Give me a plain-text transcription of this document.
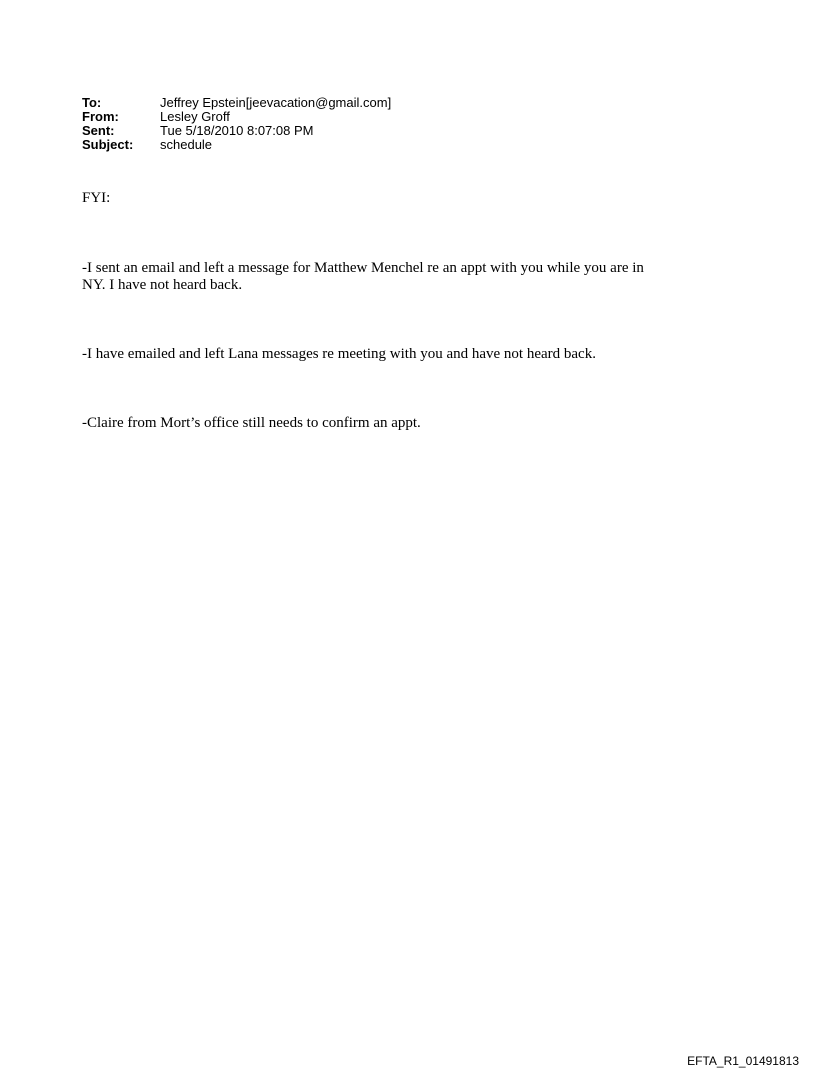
To:	Jeffrey Epstein[jeevacation@gmail.com]
From:	Lesley Groff
Sent:	Tue 5/18/2010 8:07:08 PM
Subject:	schedule
FYI:
-I sent an email and left a message for Matthew Menchel re an appt with you while you are in
NY. I have not heard back.
-I have emailed and left Lana messages re meeting with you and have not heard back.
-Claire from Mort’s office still needs to confirm an appt.
EFTA_R1_01491813
